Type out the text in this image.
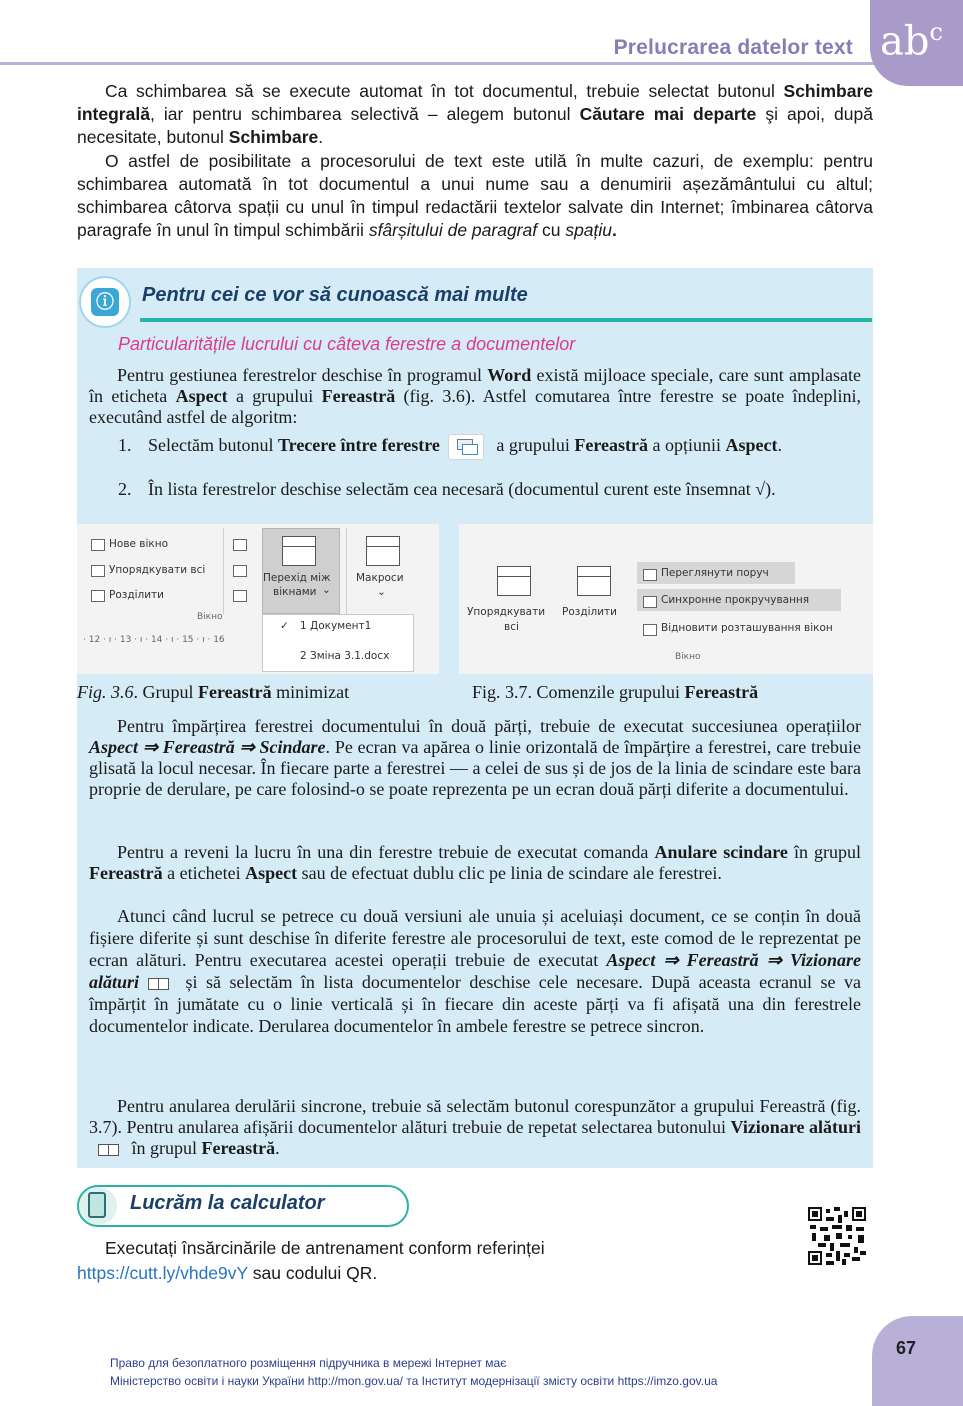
Prelucrarea datelor text $ab^c$
Ca schimbarea să se execute automat în tot documentul, trebuie selectat butonul Schimbare integrală, iar pentru schimbarea selectivă – alegem butonul Căutare mai departe şi apoi, după necesitate, butonul Schimbare.
O astfel de posibilitate a procesorului de text este utilă în multe cazuri, de exemplu: pentru schimbarea automată în tot documentul a unui nume sau a denumirii așezământului cu altul; schimbarea câtorva spații cu unul în timpul redactării textelor salvate din Internet; îmbinarea câtorva paragrafe în unul în timpul schimbării sfârșitului de paragraf cu spațiu.
ⓘ Pentru cei ce vor să cunoască mai multe
Particularitățile lucrului cu câteva ferestre a documentelor
Pentru gestiunea ferestrelor deschise în programul Word există mijloace speciale, care sunt amplasate în eticheta Aspect a grupului Fereastră (fig. 3.6). Astfel comutarea între ferestre se poate îndeplini, executând astfel de algoritm:
1. Selectăm butonul Trecere între ferestre	a grupului Fereastră a opțiunii Aspect.
2. În lista ferestrelor deschise selectăm cea necesară (documentul curent este însemnat √).
Нове вікно
Упорядкувати всі
Розділити
Вікно
Перехід між
вікнами ⌄
Макроси
⌄
· 12 · ı · 13 · ı · 14 · ı · 15 · ı · 16
✓ 1 Документ1
2 Зміна 3.1.docx
Упорядкувати
всі
Розділити
Переглянути поруч
Синхронне прокручування
Відновити розташування вікон
Вікно
Fig. 3.6. Grupul Fereastră minimizat	Fig. 3.7. Comenzile grupului Fereastră
Pentru împărțirea ferestrei documentului în două părți, trebuie de executat succesiunea operațiilor Aspect ⇒ Fereastră ⇒ Scindare. Pe ecran va apărea o linie orizontală de împărțire a ferestrei, care trebuie glisată la locul necesar. În fiecare parte a ferestrei — a celei de sus și de jos de la linia de scindare este bara proprie de derulare, pe care folosind-o se poate reprezenta pe un ecran două părți diferite a documentului.
Pentru a reveni la lucru în una din ferestre trebuie de executat comanda Anulare scindare în grupul Fereastră a etichetei Aspect sau de efectuat dublu clic pe linia de scindare ale ferestrei.
Atunci când lucrul se petrece cu două versiuni ale unuia și aceluiași document, ce se conțin în două fișiere diferite și sunt deschise în diferite ferestre ale procesorului de text, este comod de le reprezentat pe ecran alături. Pentru executarea acestei operații trebuie de executat Aspect ⇒ Fereastră ⇒ Vizionare alături și să selectăm în lista documentelor deschise cele necesare. După aceasta ecranul se va împărțit în jumătate cu o linie verticală și în fiecare din aceste părți va fi afișată una din ferestrele documentelor indicate. Derularea documentelor în ambele ferestre se petrece sincron.
Pentru anularea derulării sincrone, trebuie să selectăm butonul corespunzător a grupului Fereastră (fig. 3.7). Pentru anularea afișării documentelor alături trebuie de repetat selectarea butonului Vizionare alături în grupul Fereastră.
Lucrăm la calculator
Executați însărcinările de antrenament conform referinței
https://cutt.ly/vhde9vY sau codului QR.
67
Право для безоплатного розміщення підручника в мережі Інтернет має
Міністерство освіти і науки України http://mon.gov.ua/ та Інститут модернізації змісту освіти https://imzo.gov.ua
